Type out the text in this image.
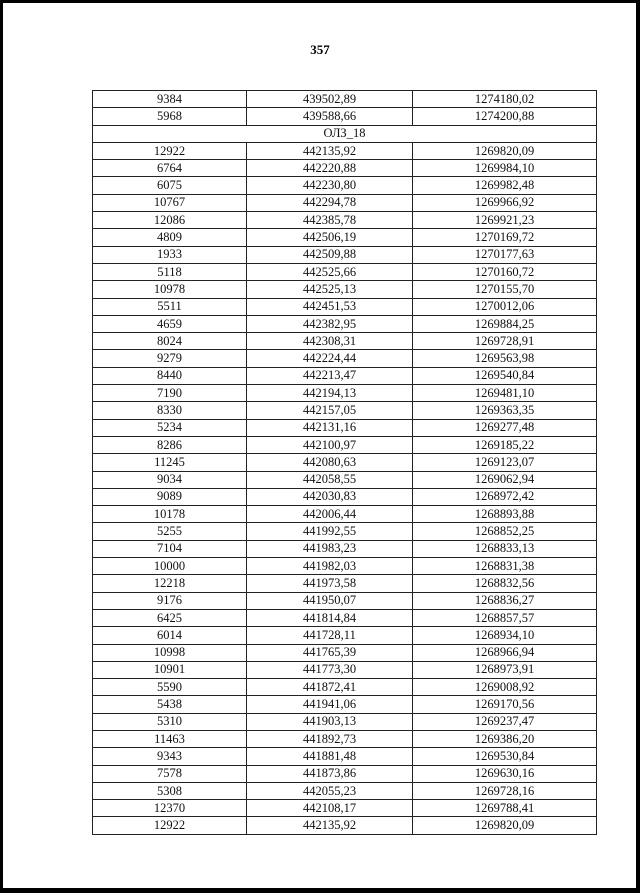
357
9384	439502,89	1274180,02
5968	439588,66	1274200,88
ОЛЗ_18		
12922	442135,92	1269820,09
6764	442220,88	1269984,10
6075	442230,80	1269982,48
10767	442294,78	1269966,92
12086	442385,78	1269921,23
4809	442506,19	1270169,72
1933	442509,88	1270177,63
5118	442525,66	1270160,72
10978	442525,13	1270155,70
5511	442451,53	1270012,06
4659	442382,95	1269884,25
8024	442308,31	1269728,91
9279	442224,44	1269563,98
8440	442213,47	1269540,84
7190	442194,13	1269481,10
8330	442157,05	1269363,35
5234	442131,16	1269277,48
8286	442100,97	1269185,22
11245	442080,63	1269123,07
9034	442058,55	1269062,94
9089	442030,83	1268972,42
10178	442006,44	1268893,88
5255	441992,55	1268852,25
7104	441983,23	1268833,13
10000	441982,03	1268831,38
12218	441973,58	1268832,56
9176	441950,07	1268836,27
6425	441814,84	1268857,57
6014	441728,11	1268934,10
10998	441765,39	1268966,94
10901	441773,30	1268973,91
5590	441872,41	1269008,92
5438	441941,06	1269170,56
5310	441903,13	1269237,47
11463	441892,73	1269386,20
9343	441881,48	1269530,84
7578	441873,86	1269630,16
5308	442055,23	1269728,16
12370	442108,17	1269788,41
12922	442135,92	1269820,09
